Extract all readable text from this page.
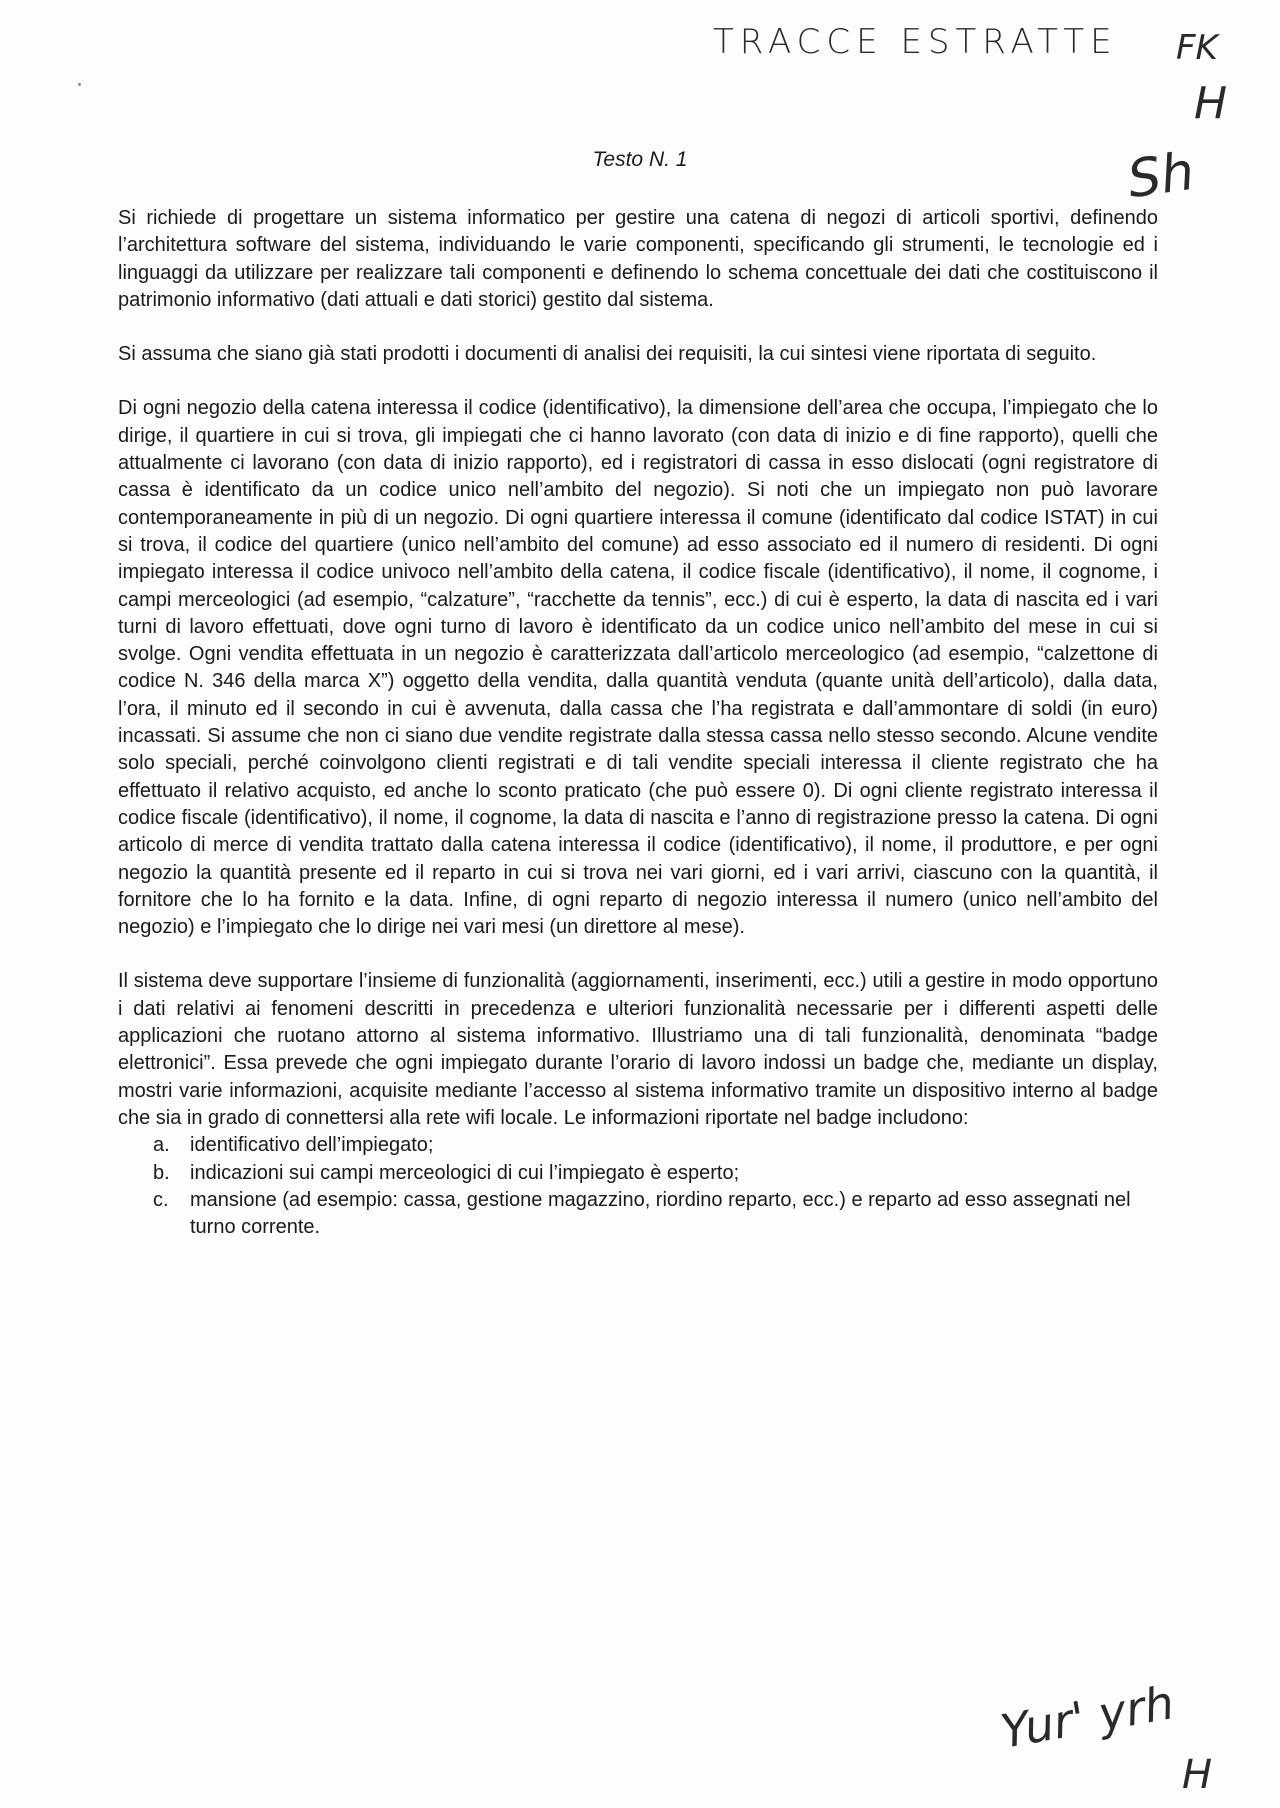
TRACCE ESTRATTE FK
H
Sh
Testo N. 1

Si richiede di progettare un sistema informatico per gestire una catena di negozi di articoli sportivi, definendo l’architettura software del sistema, individuando le varie componenti, specificando gli strumenti, le tecnologie ed i linguaggi da utilizzare per realizzare tali componenti e definendo lo schema concettuale dei dati che costituiscono il patrimonio informativo (dati attuali e dati storici) gestito dal sistema.

Si assuma che siano già stati prodotti i documenti di analisi dei requisiti, la cui sintesi viene riportata di seguito.

Di ogni negozio della catena interessa il codice (identificativo), la dimensione dell’area che occupa, l’impiegato che lo dirige, il quartiere in cui si trova, gli impiegati che ci hanno lavorato (con data di inizio e di fine rapporto), quelli che attualmente ci lavorano (con data di inizio rapporto), ed i registratori di cassa in esso dislocati (ogni registratore di cassa è identificato da un codice unico nell’ambito del negozio). Si noti che un impiegato non può lavorare contemporaneamente in più di un negozio. Di ogni quartiere interessa il comune (identificato dal codice ISTAT) in cui si trova, il codice del quartiere (unico nell’ambito del comune) ad esso associato ed il numero di residenti. Di ogni impiegato interessa il codice univoco nell’ambito della catena, il codice fiscale (identificativo), il nome, il cognome, i campi merceologici (ad esempio, “calzature”, “racchette da tennis”, ecc.) di cui è esperto, la data di nascita ed i vari turni di lavoro effettuati, dove ogni turno di lavoro è identificato da un codice unico nell’ambito del mese in cui si svolge. Ogni vendita effettuata in un negozio è caratterizzata dall’articolo merceologico (ad esempio, “calzettone di codice N. 346 della marca X”) oggetto della vendita, dalla quantità venduta (quante unità dell’articolo), dalla data, l’ora, il minuto ed il secondo in cui è avvenuta, dalla cassa che l’ha registrata e dall’ammontare di soldi (in euro) incassati. Si assume che non ci siano due vendite registrate dalla stessa cassa nello stesso secondo. Alcune vendite solo speciali, perché coinvolgono clienti registrati e di tali vendite speciali interessa il cliente registrato che ha effettuato il relativo acquisto, ed anche lo sconto praticato (che può essere 0). Di ogni cliente registrato interessa il codice fiscale (identificativo), il nome, il cognome, la data di nascita e l’anno di registrazione presso la catena. Di ogni articolo di merce di vendita trattato dalla catena interessa il codice (identificativo), il nome, il produttore, e per ogni negozio la quantità presente ed il reparto in cui si trova nei vari giorni, ed i vari arrivi, ciascuno con la quantità, il fornitore che lo ha fornito e la data. Infine, di ogni reparto di negozio interessa il numero (unico nell’ambito del negozio) e l’impiegato che lo dirige nei vari mesi (un direttore al mese).

Il sistema deve supportare l’insieme di funzionalità (aggiornamenti, inserimenti, ecc.) utili a gestire in modo opportuno i dati relativi ai fenomeni descritti in precedenza e ulteriori funzionalità necessarie per i differenti aspetti delle applicazioni che ruotano attorno al sistema informativo. Illustriamo una di tali funzionalità, denominata “badge elettronici”. Essa prevede che ogni impiegato durante l’orario di lavoro indossi un badge che, mediante un display, mostri varie informazioni, acquisite mediante l’accesso al sistema informativo tramite un dispositivo interno al badge che sia in grado di connettersi alla rete wifi locale. Le informazioni riportate nel badge includono:

a. identificativo dell’impiegato;
b. indicazioni sui campi merceologici di cui l’impiegato è esperto;
c. mansione (ad esempio: cassa, gestione magazzino, riordino reparto, ecc.) e reparto ad esso assegnati nel turno corrente.
Yur' yrh
H
